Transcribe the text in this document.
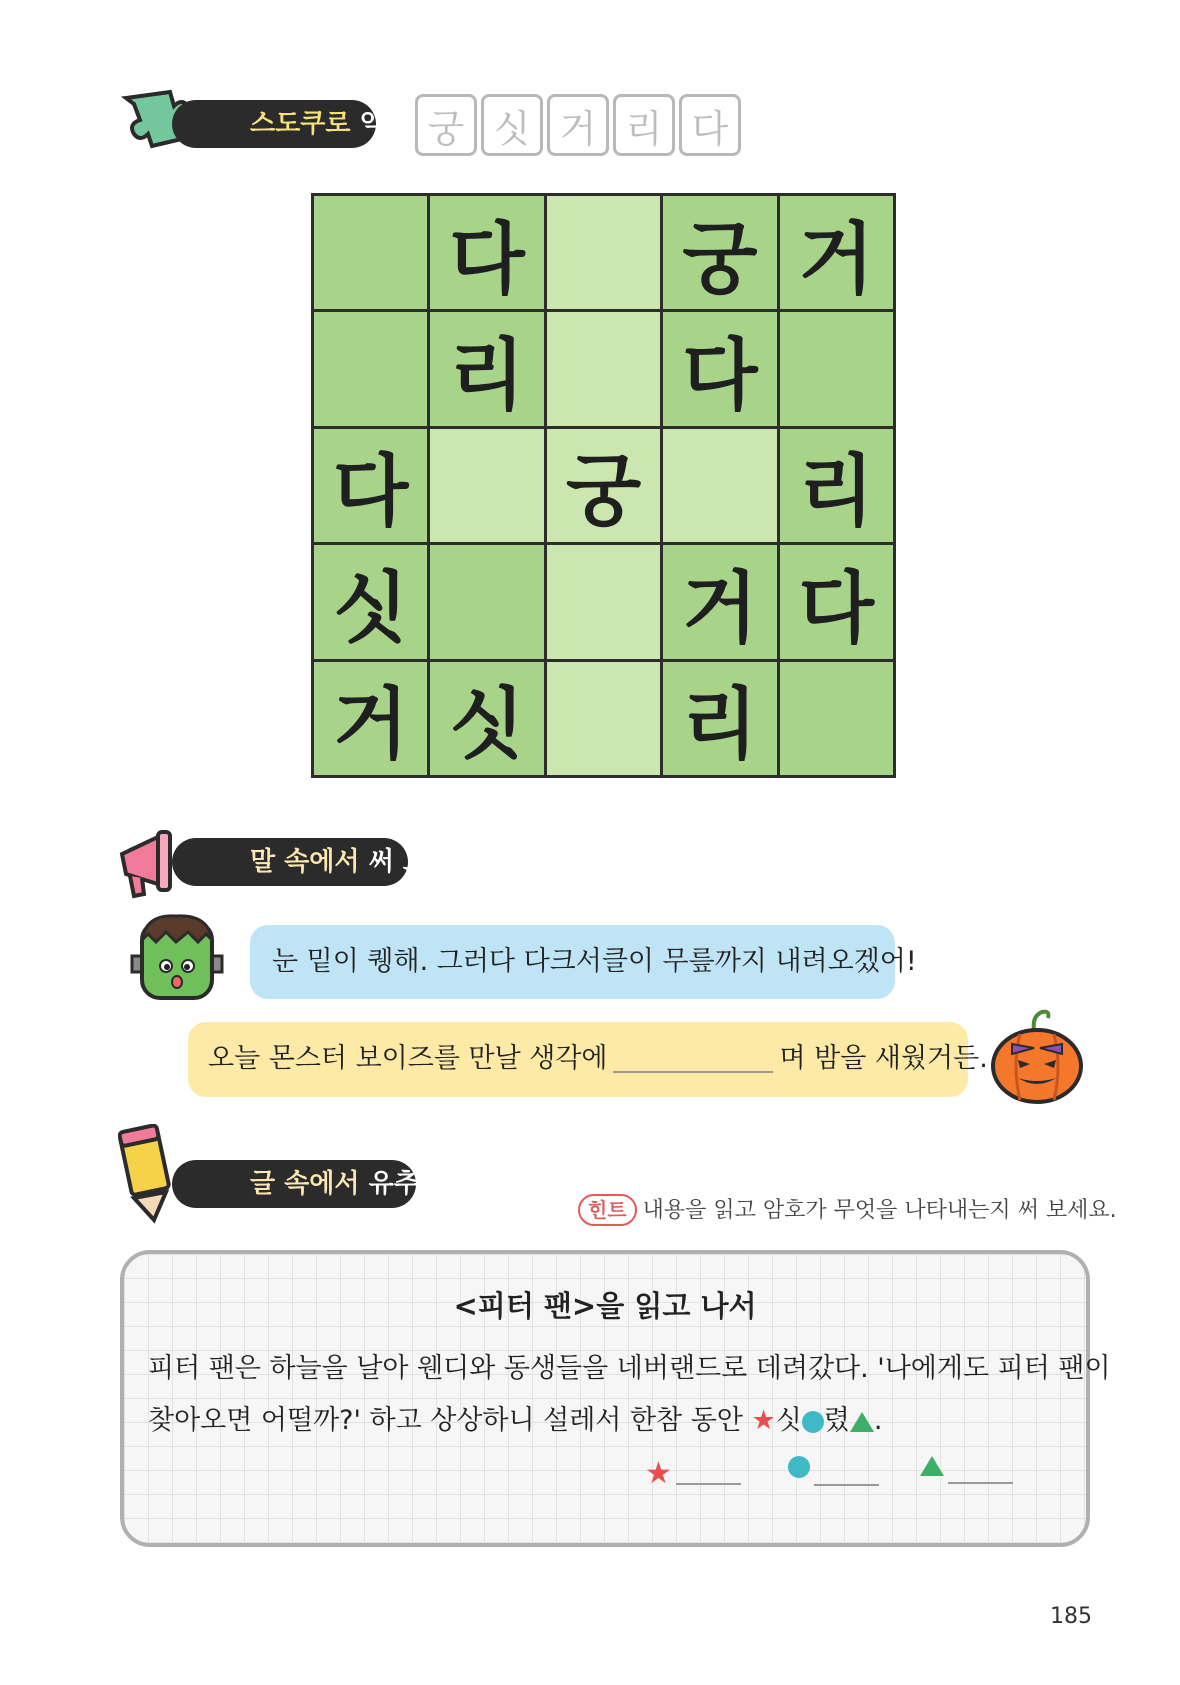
스도쿠로 익히기
궁 싯 거 리 다
다 궁 거
리 다
다 궁 리
싯	거 다
거 싯 리
말 속에서 써 보기
눈 밑이 퀭해. 그러다 다크서클이 무릎까지 내려오겠어!
오늘 몬스터 보이즈를 만날 생각에	며 밤을 새웠거든.
글 속에서 유추하기
힌트 내용을 읽고 암호가 무엇을 나타내는지 써 보세요.
<피터 팬>을 읽고 나서
피터 팬은 하늘을 날아 웬디와 동생들을 네버랜드로 데려갔다. '나에게도 피터 팬이
찾아오면 어떨까?' 하고 상상하니 설레서 한참 동안 ★싯 렸 .
★
185
